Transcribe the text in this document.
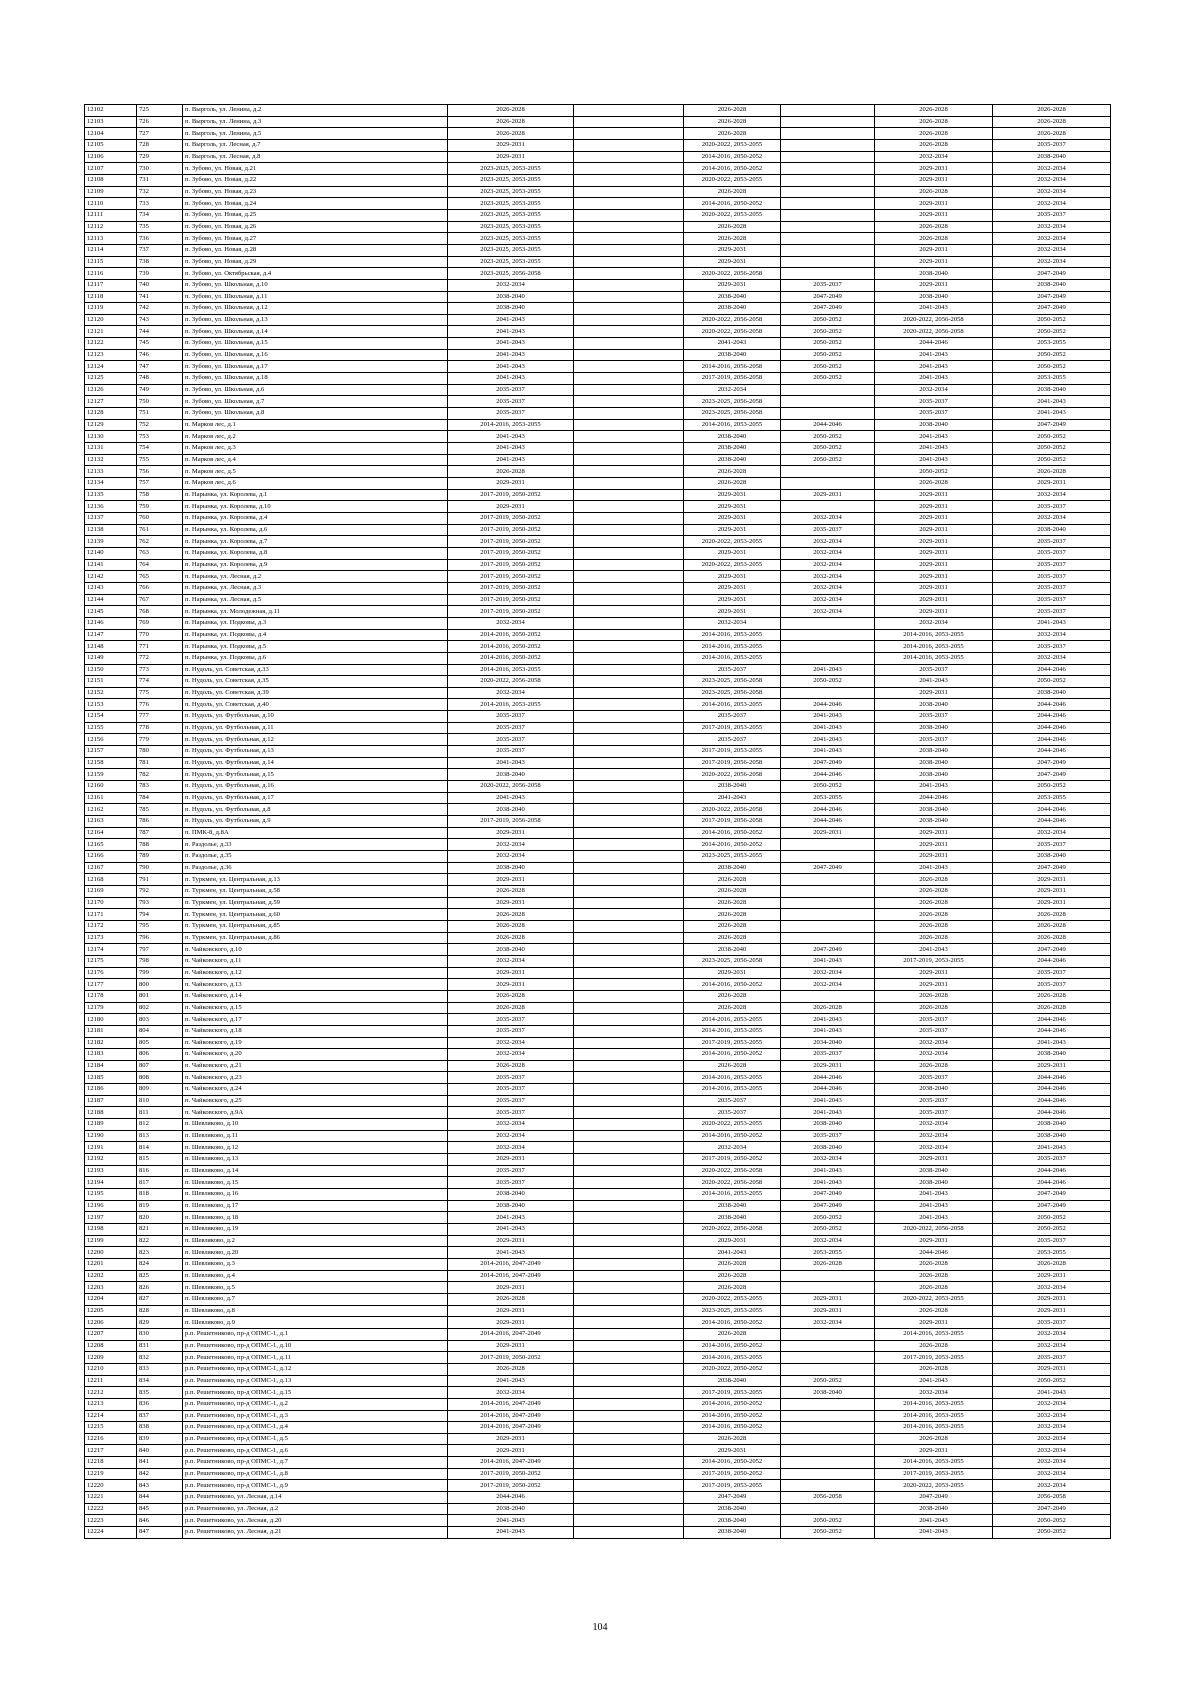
12102	725	п. Вырголь, ул. Ленина, д.2	2026-2028		2026-2028		2026-2028	2026-2028
12103	726	п. Вырголь, ул. Ленина, д.3	2026-2028		2026-2028		2026-2028	2026-2028
12104	727	п. Вырголь, ул. Ленина, д.5	2026-2028		2026-2028		2026-2028	2026-2028
12105	728	п. Вырголь, ул. Лесная, д.7	2029-2031		2020-2022, 2053-2055		2026-2028	2035-2037
12106	729	п. Вырголь, ул. Лесная, д.8	2029-2031		2014-2016, 2050-2052		2032-2034	2038-2040
12107	730	п. Зубово, ул. Новая, д.21	2023-2025, 2053-2055		2014-2016, 2050-2052		2029-2031	2032-2034
12108	731	п. Зубово, ул. Новая, д.22	2023-2025, 2053-2055		2020-2022, 2053-2055		2029-2031	2032-2034
12109	732	п. Зубово, ул. Новая, д.23	2023-2025, 2053-2055		2026-2028		2026-2028	2032-2034
12110	733	п. Зубово, ул. Новая, д.24	2023-2025, 2053-2055		2014-2016, 2050-2052		2029-2031	2032-2034
12111	734	п. Зубово, ул. Новая, д.25	2023-2025, 2053-2055		2020-2022, 2053-2055		2029-2031	2035-2037
12112	735	п. Зубово, ул. Новая, д.26	2023-2025, 2053-2055		2026-2028		2026-2028	2032-2034
12113	736	п. Зубово, ул. Новая, д.27	2023-2025, 2053-2055		2026-2028		2026-2028	2032-2034
12114	737	п. Зубово, ул. Новая, д.28	2023-2025, 2053-2055		2029-2031		2029-2031	2032-2034
12115	738	п. Зубово, ул. Новая, д.29	2023-2025, 2053-2055		2029-2031		2029-2031	2032-2034
12116	739	п. Зубово, ул. Октябрьская, д.4	2023-2025, 2056-2058		2020-2022, 2056-2058		2038-2040	2047-2049
12117	740	п. Зубово, ул. Школьная, д.10	2032-2034		2029-2031	2035-2037	2029-2031	2038-2040
12118	741	п. Зубово, ул. Школьная, д.11	2038-2040		2038-2040	2047-2049	2038-2040	2047-2049
12119	742	п. Зубово, ул. Школьная, д.12	2038-2040		2038-2040	2047-2049	2041-2043	2047-2049
12120	743	п. Зубово, ул. Школьная, д.13	2041-2043		2020-2022, 2056-2058	2050-2052	2020-2022, 2056-2058	2050-2052
12121	744	п. Зубово, ул. Школьная, д.14	2041-2043		2020-2022, 2056-2058	2050-2052	2020-2022, 2056-2058	2050-2052
12122	745	п. Зубово, ул. Школьная, д.15	2041-2043		2041-2043	2050-2052	2044-2046	2053-2055
12123	746	п. Зубово, ул. Школьная, д.16	2041-2043		2038-2040	2050-2052	2041-2043	2050-2052
12124	747	п. Зубово, ул. Школьная, д.17	2041-2043		2014-2016, 2056-2058	2050-2052	2041-2043	2050-2052
12125	748	п. Зубово, ул. Школьная, д.18	2041-2043		2017-2019, 2056-2058	2050-2052	2041-2043	2053-2055
12126	749	п. Зубово, ул. Школьная, д.6	2035-2037		2032-2034		2032-2034	2038-2040
12127	750	п. Зубово, ул. Школьная, д.7	2035-2037		2023-2025, 2056-2058		2035-2037	2041-2043
12128	751	п. Зубово, ул. Школьная, д.8	2035-2037		2023-2025, 2056-2058		2035-2037	2041-2043
12129	752	п. Марков лес, д.1	2014-2016, 2053-2055		2014-2016, 2053-2055	2044-2046	2038-2040	2047-2049
12130	753	п. Марков лес, д.2	2041-2043		2038-2040	2050-2052	2041-2043	2050-2052
12131	754	п. Марков лес, д.3	2041-2043		2038-2040	2050-2052	2041-2043	2050-2052
12132	755	п. Марков лес, д.4	2041-2043		2038-2040	2050-2052	2041-2043	2050-2052
12133	756	п. Марков лес, д.5	2026-2028		2026-2028		2050-2052	2026-2028
12134	757	п. Марков лес, д.6	2029-2031		2026-2028		2026-2028	2029-2031
12135	758	п. Нарынка, ул. Королева, д.1	2017-2019, 2050-2052		2029-2031	2029-2031	2029-2031	2032-2034
12136	759	п. Нарынка, ул. Королева, д.10	2029-2031		2029-2031		2029-2031	2035-2037
12137	760	п. Нарынка, ул. Королева, д.4	2017-2019, 2050-2052		2029-2031	2032-2034	2029-2031	2032-2034
12138	761	п. Нарынка, ул. Королева, д.6	2017-2019, 2050-2052		2029-2031	2035-2037	2029-2031	2038-2040
12139	762	п. Нарынка, ул. Королева, д.7	2017-2019, 2050-2052		2020-2022, 2053-2055	2032-2034	2029-2031	2035-2037
12140	763	п. Нарынка, ул. Королева, д.8	2017-2019, 2050-2052		2029-2031	2032-2034	2029-2031	2035-2037
12141	764	п. Нарынка, ул. Королева, д.9	2017-2019, 2050-2052		2020-2022, 2053-2055	2032-2034	2029-2031	2035-2037
12142	765	п. Нарынка, ул. Лесная, д.2	2017-2019, 2050-2052		2029-2031	2032-2034	2029-2031	2035-2037
12143	766	п. Нарынка, ул. Лесная, д.3	2017-2019, 2050-2052		2029-2031	2032-2034	2029-2031	2035-2037
12144	767	п. Нарынка, ул. Лесная, д.5	2017-2019, 2050-2052		2029-2031	2032-2034	2029-2031	2035-2037
12145	768	п. Нарынка, ул. Молодежная, д.11	2017-2019, 2050-2052		2029-2031	2032-2034	2029-2031	2035-2037
12146	769	п. Нарынка, ул. Подковы, д.3	2032-2034		2032-2034		2032-2034	2041-2043
12147	770	п. Нарынка, ул. Подковы, д.4	2014-2016, 2050-2052		2014-2016, 2053-2055		2014-2016, 2053-2055	2032-2034
12148	771	п. Нарынка, ул. Подковы, д.5	2014-2016, 2050-2052		2014-2016, 2053-2055		2014-2016, 2053-2055	2035-2037
12149	772	п. Нарынка, ул. Подковы, д.6	2014-2016, 2050-2052		2014-2016, 2053-2055		2014-2016, 2053-2055	2032-2034
12150	773	п. Нудоль, ул. Советская, д.33	2014-2016, 2053-2055		2035-2037	2041-2043	2035-2037	2044-2046
12151	774	п. Нудоль, ул. Советская, д.35	2020-2022, 2056-2058		2023-2025, 2056-2058	2050-2052	2041-2043	2050-2052
12152	775	п. Нудоль, ул. Советская, д.39	2032-2034		2023-2025, 2056-2058		2029-2031	2038-2040
12153	776	п. Нудоль, ул. Советская, д.40	2014-2016, 2053-2055		2014-2016, 2053-2055	2044-2046	2038-2040	2044-2046
12154	777	п. Нудоль, ул. Футбольная, д.10	2035-2037		2035-2037	2041-2043	2035-2037	2044-2046
12155	778	п. Нудоль, ул. Футбольная, д.11	2035-2037		2017-2019, 2053-2055	2041-2043	2038-2040	2044-2046
12156	779	п. Нудоль, ул. Футбольная, д.12	2035-2037		2035-2037	2041-2043	2035-2037	2044-2046
12157	780	п. Нудоль, ул. Футбольная, д.13	2035-2037		2017-2019, 2053-2055	2041-2043	2038-2040	2044-2046
12158	781	п. Нудоль, ул. Футбольная, д.14	2041-2043		2017-2019, 2056-2058	2047-2049	2038-2040	2047-2049
12159	782	п. Нудоль, ул. Футбольная, д.15	2038-2040		2020-2022, 2056-2058	2044-2046	2038-2040	2047-2049
12160	783	п. Нудоль, ул. Футбольная, д.16	2020-2022, 2056-2058		2038-2040	2050-2052	2041-2043	2050-2052
12161	784	п. Нудоль, ул. Футбольная, д.17	2041-2043		2041-2043	2053-2055	2044-2046	2053-2055
12162	785	п. Нудоль, ул. Футбольная, д.8	2038-2040		2020-2022, 2056-2058	2044-2046	2038-2040	2044-2046
12163	786	п. Нудоль, ул. Футбольная, д.9	2017-2019, 2056-2058		2017-2019, 2056-2058	2044-2046	2038-2040	2044-2046
12164	787	п. ПМК-8, д.8А	2029-2031		2014-2016, 2050-2052	2029-2031	2029-2031	2032-2034
12165	788	п. Раздолье, д.33	2032-2034		2014-2016, 2050-2052		2029-2031	2035-2037
12166	789	п. Раздолье, д.35	2032-2034		2023-2025, 2053-2055		2029-2031	2038-2040
12167	790	п. Раздолье, д.36	2038-2040		2038-2040	2047-2049	2041-2043	2047-2049
12168	791	п. Туркмен, ул. Центральная, д.13	2029-2031		2026-2028		2026-2028	2029-2031
12169	792	п. Туркмен, ул. Центральная, д.58	2026-2028		2026-2028		2026-2028	2029-2031
12170	793	п. Туркмен, ул. Центральная, д.59	2029-2031		2026-2028		2026-2028	2029-2031
12171	794	п. Туркмен, ул. Центральная, д.60	2026-2028		2026-2028		2026-2028	2026-2028
12172	795	п. Туркмен, ул. Центральная, д.85	2026-2028		2026-2028		2026-2028	2026-2028
12173	796	п. Туркмен, ул. Центральная, д.86	2026-2028		2026-2028		2026-2028	2026-2028
12174	797	п. Чайковского, д.10	2038-2040		2038-2040	2047-2049	2041-2043	2047-2049
12175	798	п. Чайковского, д.11	2032-2034		2023-2025, 2056-2058	2041-2043	2017-2019, 2053-2055	2044-2046
12176	799	п. Чайковского, д.12	2029-2031		2029-2031	2032-2034	2029-2031	2035-2037
12177	800	п. Чайковского, д.13	2029-2031		2014-2016, 2050-2052	2032-2034	2029-2031	2035-2037
12178	801	п. Чайковского, д.14	2026-2028		2026-2028		2026-2028	2026-2028
12179	802	п. Чайковского, д.15	2026-2028		2026-2028	2026-2028	2026-2028	2026-2028
12180	803	п. Чайковского, д.17	2035-2037		2014-2016, 2053-2055	2041-2043	2035-2037	2044-2046
12181	804	п. Чайковского, д.18	2035-2037		2014-2016, 2053-2055	2041-2043	2035-2037	2044-2046
12182	805	п. Чайковского, д.19	2032-2034		2017-2019, 2053-2055	2034-2040	2032-2034	2041-2043
12183	806	п. Чайковского, д.20	2032-2034		2014-2016, 2050-2052	2035-2037	2032-2034	2038-2040
12184	807	п. Чайковского, д.21	2026-2028		2026-2028	2029-2031	2026-2028	2029-2031
12185	808	п. Чайковского, д.23	2035-2037		2014-2016, 2053-2055	2044-2046	2035-2037	2044-2046
12186	809	п. Чайковского, д.24	2035-2037		2014-2016, 2053-2055	2044-2046	2038-2040	2044-2046
12187	810	п. Чайковского, д.25	2035-2037		2035-2037	2041-2043	2035-2037	2044-2046
12188	811	п. Чайковского, д.9А	2035-2037		2035-2037	2041-2043	2035-2037	2044-2046
12189	812	п. Шевляково, д.10	2032-2034		2020-2022, 2053-2055	2038-2040	2032-2034	2038-2040
12190	813	п. Шевляково, д.11	2032-2034		2014-2016, 2050-2052	2035-2037	2032-2034	2038-2040
12191	814	п. Шевляково, д.12	2032-2034		2032-2034	2038-2040	2032-2034	2041-2043
12192	815	п. Шевляково, д.13	2029-2031		2017-2019, 2050-2052	2032-2034	2029-2031	2035-2037
12193	816	п. Шевляково, д.14	2035-2037		2020-2022, 2056-2058	2041-2043	2038-2040	2044-2046
12194	817	п. Шевляково, д.15	2035-2037		2020-2022, 2056-2058	2041-2043	2038-2040	2044-2046
12195	818	п. Шевляково, д.16	2038-2040		2014-2016, 2053-2055	2047-2049	2041-2043	2047-2049
12196	819	п. Шевляково, д.17	2038-2040		2038-2040	2047-2049	2041-2043	2047-2049
12197	820	п. Шевляково, д.18	2041-2043		2038-2040	2050-2052	2041-2043	2050-2052
12198	821	п. Шевляково, д.19	2041-2043		2020-2022, 2056-2058	2050-2052	2020-2022, 2056-2058	2050-2052
12199	822	п. Шевляково, д.2	2029-2031		2029-2031	2032-2034	2029-2031	2035-2037
12200	823	п. Шевляково, д.20	2041-2043		2041-2043	2053-2055	2044-2046	2053-2055
12201	824	п. Шевляково, д.3	2014-2016, 2047-2049		2026-2028	2026-2028	2026-2028	2026-2028
12202	825	п. Шевляково, д.4	2014-2016, 2047-2049		2026-2028		2026-2028	2029-2031
12203	826	п. Шевляково, д.5	2029-2031		2026-2028		2026-2028	2032-2034
12204	827	п. Шевляково, д.7	2026-2028		2020-2022, 2053-2055	2029-2031	2020-2022, 2053-2055	2029-2031
12205	828	п. Шевляково, д.8	2029-2031		2023-2025, 2053-2055	2029-2031	2026-2028	2029-2031
12206	829	п. Шевляково, д.9	2029-2031		2014-2016, 2050-2052	2032-2034	2029-2031	2035-2037
12207	830	р.п. Решетниково, пр-д ОПМС-1, д.1	2014-2016, 2047-2049		2026-2028		2014-2016, 2053-2055	2032-2034
12208	831	р.п. Решетниково, пр-д ОПМС-1, д.10	2029-2031		2014-2016, 2050-2052		2026-2028	2032-2034
12209	832	р.п. Решетниково, пр-д ОПМС-1, д.11	2017-2019, 2050-2052		2014-2016, 2053-2055		2017-2019, 2053-2055	2035-2037
12210	833	р.п. Решетниково, пр-д ОПМС-1, д.12	2026-2028		2020-2022, 2050-2052		2026-2028	2029-2031
12211	834	р.п. Решетниково, пр-д ОПМС-1, д.13	2041-2043		2038-2040	2050-2052	2041-2043	2050-2052
12212	835	р.п. Решетниково, пр-д ОПМС-1, д.15	2032-2034		2017-2019, 2053-2055	2038-2040	2032-2034	2041-2043
12213	836	р.п. Решетниково, пр-д ОПМС-1, д.2	2014-2016, 2047-2049		2014-2016, 2050-2052		2014-2016, 2053-2055	2032-2034
12214	837	р.п. Решетниково, пр-д ОПМС-1, д.3	2014-2016, 2047-2049		2014-2016, 2050-2052		2014-2016, 2053-2055	2032-2034
12215	838	р.п. Решетниково, пр-д ОПМС-1, д.4	2014-2016, 2047-2049		2014-2016, 2050-2052		2014-2016, 2053-2055	2032-2034
12216	839	р.п. Решетниково, пр-д ОПМС-1, д.5	2029-2031		2026-2028		2026-2028	2032-2034
12217	840	р.п. Решетниково, пр-д ОПМС-1, д.6	2029-2031		2029-2031		2029-2031	2032-2034
12218	841	р.п. Решетниково, пр-д ОПМС-1, д.7	2014-2016, 2047-2049		2014-2016, 2050-2052		2014-2016, 2053-2055	2032-2034
12219	842	р.п. Решетниково, пр-д ОПМС-1, д.8	2017-2019, 2050-2052		2017-2019, 2050-2052		2017-2019, 2053-2055	2032-2034
12220	843	р.п. Решетниково, пр-д ОПМС-1, д.9	2017-2019, 2050-2052		2017-2019, 2053-2055		2020-2022, 2053-2055	2032-2034
12221	844	р.п. Решетниково, ул. Лесная, д.14	2044-2046		2047-2049	2056-2058	2047-2049	2056-2058
12222	845	р.п. Решетниково, ул. Лесная, д.2	2038-2040		2038-2040		2038-2040	2047-2049
12223	846	р.п. Решетниково, ул. Лесная, д.20	2041-2043		2038-2040	2050-2052	2041-2043	2050-2052
12224	847	р.п. Решетниково, ул. Лесная, д.21	2041-2043		2038-2040	2050-2052	2041-2043	2050-2052
104
